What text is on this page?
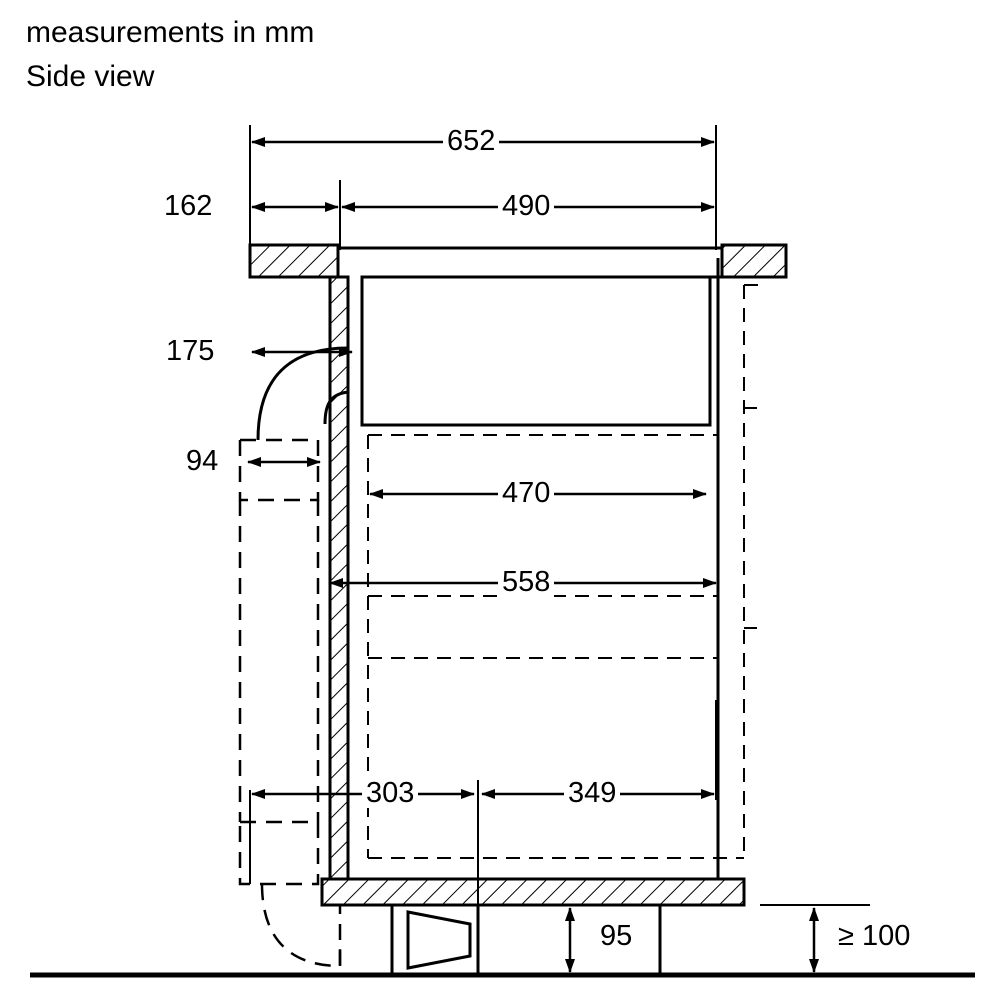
measurements in mm
Side view
652
162	490
175
94
470
558
303	349
95	≥ 100
